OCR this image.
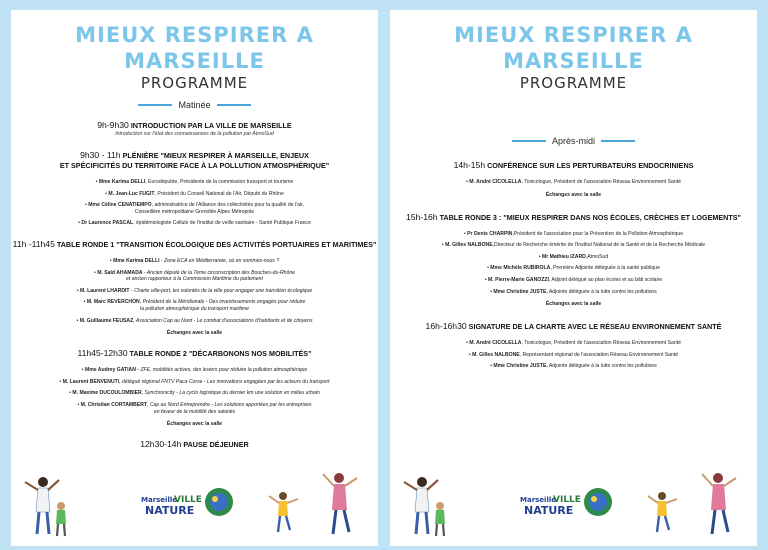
MIEUX RESPIRER A MARSEILLE
PROGRAMME
Matinée
9h-9h30 INTRODUCTION PAR LA VILLE DE MARSEILLE
Introduction sur l'état des connaissances de la pollution par AtmoSud
9h30 - 11h PLÉNIÈRE "MIEUX RESPIRER À MARSEILLE, ENJEUX
ET SPÉCIFICITÉS DU TERRITOIRE FACE À LA POLLUTION ATMOSPHÉRIQUE"
• Mme Karima DELLI, Eurodéputée, Présidente de la commission transport et tourisme
• M. Jean-Luc FUGIT, Président du Conseil National de l'Air, Député du Rhône
• Mme Céline CENATIEMPO, administratrice de l'Alliance des collectivités pour la qualité de l'air,
Conseillère métropolitaine Grenoble Alpes Métropole
• Dr Laurence PASCAL, épidémiologiste Cellule de l'institut de veille sanitaire - Santé Publique France
11h -11h45 TABLE RONDE 1 "TRANSITION ÉCOLOGIQUE DES ACTIVITÉS PORTUAIRES ET MARITIMES"
• Mme Karima DELLI - Zone ECA en Méditerranée, où en sommes-nous ?
• M. Saïd AHAMADA - Ancien député de la 7ème circonscription des Bouches-du-Rhône
et ancien rapporteur à la Commission Maritime du parlement
• M. Laurent LHARDIT - Charte ville-port, les volontés de la ville pour engager une transition écologique
• M. Marc REVERCHON, Président de la Méridionale - Des investissements engagés pour réduire
la pollution atmosphérique du transport maritime
• M. Guillaume FEUSAZ, Association Cap au Nord - Le combat d'associations d'habitants et de citoyens
Échanges avec la salle
11h45-12h30 TABLE RONDE 2 "DÉCARBONONS NOS MOBILITÉS"
• Mme Audrey GATIAN - ZFE, mobilités actives, des leviers pour réduire la pollution atmosphérique
• M. Laurent BENVENUTI, délégué régional FNTV Paca Corse - Les innovations engagées par les acteurs du transport
• M. Maxime DUCOULOMBIER, Synchronicity - La cyclo logistique du dernier km une solution en milieu urbain
• M. Christian CORTAMBERT, Cap au Nord Entreprendre - Les solutions apportées par les entreprises
en faveur de la mobilité des salariés
Échanges avec la salle
12h30-14h PAUSE DÉJEUNER
Marseille
VILLE
NATURE
MIEUX RESPIRER A MARSEILLE
PROGRAMME
Après-midi
14h-15h CONFÉRENCE SUR LES PERTURBATEURS ENDOCRINIENS
• M. André CICOLELLA, Toxicologue, Président de l'association Réseau Environnement Santé
Échanges avec la salle
15h-16h TABLE RONDE 3 : "MIEUX RESPIRER DANS NOS ÉCOLES, CRÈCHES ET LOGEMENTS"
• Pr Denis CHARPIN,Président de l'association pour la Prévention de la Pollution Atmosphérique
• M. Gilles NALBONE,Directeur de Recherche émérite de l'Institut National de la Santé et de la Recherche Médicale
• Mr Mathieu IZARD,AtmoSud
• Mme Michèle RUBIROLA, Première Adjointe déléguée à la santé publique
• M. Pierre-Marie GANOZZI, Adjoint délégué au plan écoles et au bâti scolaire
• Mme Christine JUSTE, Adjointe déléguée à la lutte contre les pollutions
Échanges avec la salle
16h-16h30 SIGNATURE DE LA CHARTE AVEC LE RÉSEAU ENVIRONNEMENT SANTÉ
• M. André CICOLELLA, Toxicologue, Président de l'association Réseau Environnement Santé
• M. Gilles NALBONE, Représentant régional de l'association Réseau Environnement Santé
• Mme Christine JUSTE, Adjointe déléguée à la lutte contre les pollutions
Marseille
VILLE
NATURE
